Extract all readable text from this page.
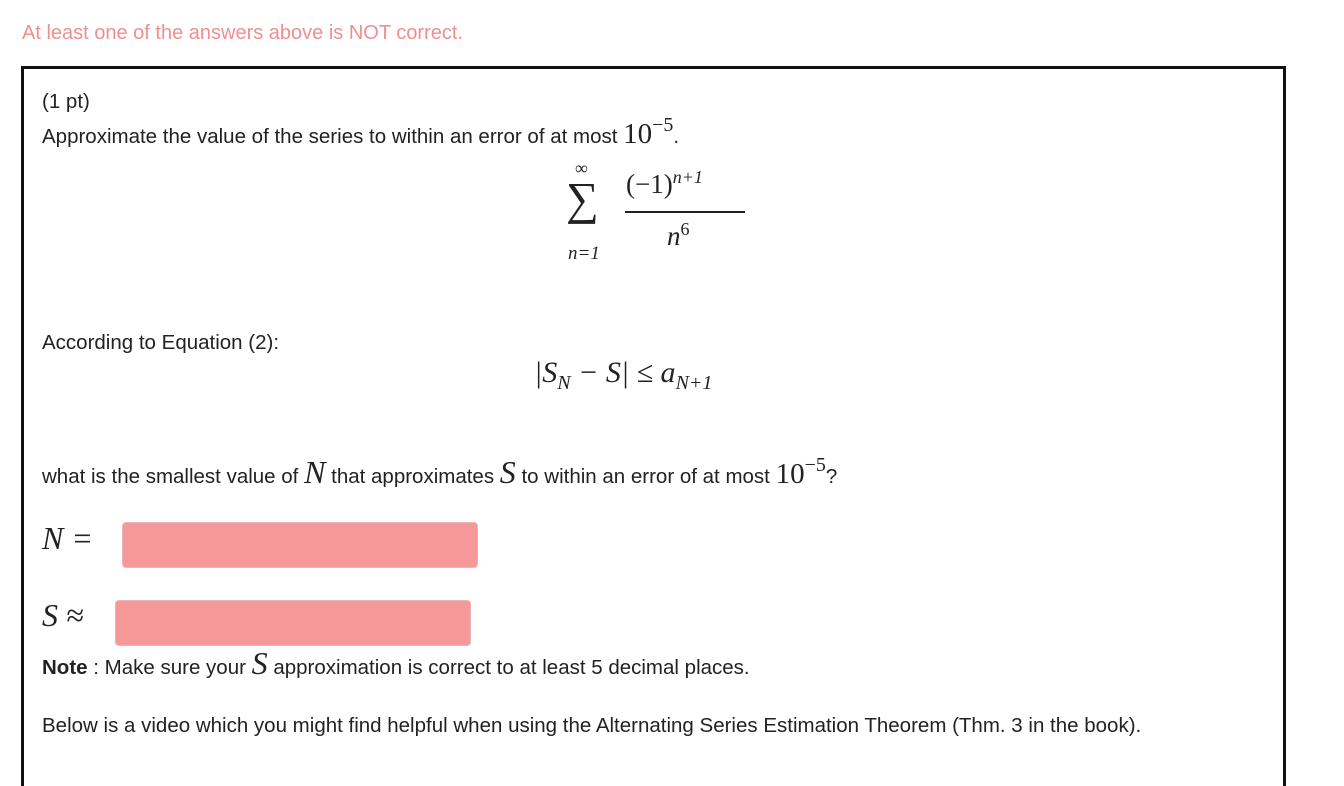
At least one of the answers above is NOT correct.
(1 pt)
Approximate the value of the series to within an error of at most 10−5.
∞
∑
n=1
$(-1)^{n+1}$
$n^6$
According to Equation (2):
$|S_N - S| \le a_{N+1}$
what is the smallest value of N that approximates S to within an error of at most 10−5?
N =
S ≈
Note : Make sure your S approximation is correct to at least 5 decimal places.
Below is a video which you might find helpful when using the Alternating Series Estimation Theorem (Thm. 3 in the book).
